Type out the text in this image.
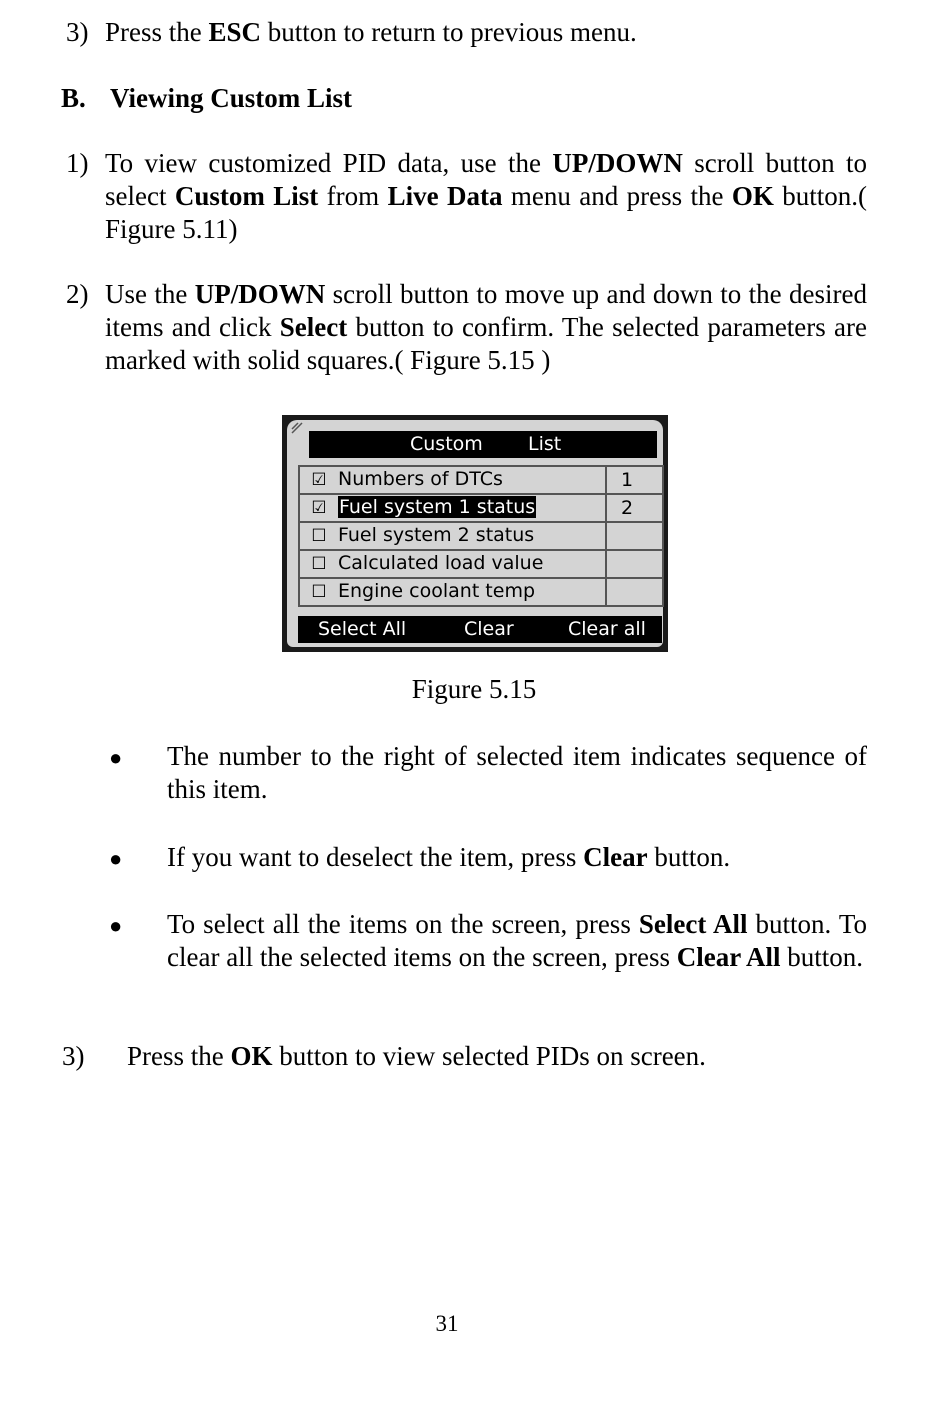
3) Press the ESC button to return to previous menu.
B. Viewing Custom List
1) To view customized PID data, use the UP/DOWN scroll button to select Custom List from Live Data menu and press the OK button.( Figure 5.11)
2) Use the UP/DOWN scroll button to move up and down to the desired items and click Select button to confirm. The selected parameters are marked with solid squares.( Figure 5.15 )
Custom List
☑ Numbers of DTCs	1
☑ Fuel system 1 status	2
☐ Fuel system 2 status	
☐ Calculated load value	
☐ Engine coolant temp	
Select All	Clear	Clear all
Figure 5.15
● The number to the right of selected item indicates sequence of this item.
● If you want to deselect the item, press Clear button.
● To select all the items on the screen, press Select All button. To clear all the selected items on the screen, press Clear All button.
3) Press the OK button to view selected PIDs on screen.
31
